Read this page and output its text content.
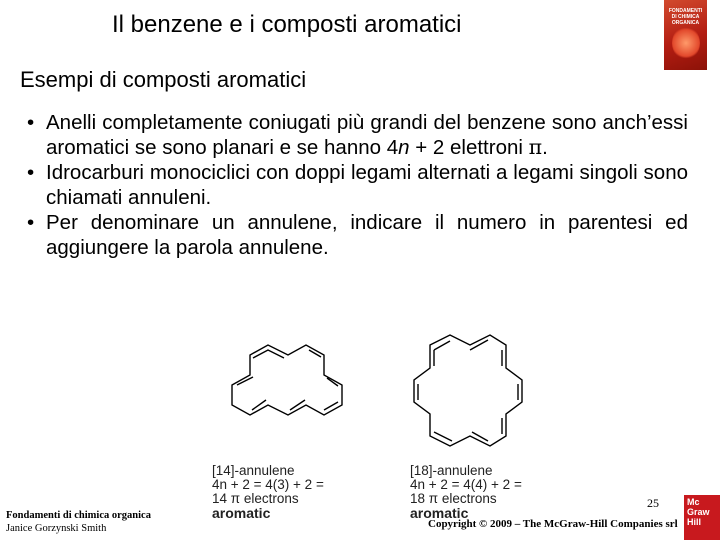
Il benzene e i composti aromatici	FONDAMENTI DI CHIMICA ORGANICA
Esempi di composti aromatici
• Anelli completamente coniugati più grandi del benzene sono anch’essi aromatici se sono planari e se hanno 4n + 2 elettroni π.
• Idrocarburi monociclici con doppi legami alternati a legami singoli sono chiamati annuleni.
• Per denominare un annulene, indicare il numero in parentesi ed aggiungere la parola annulene.
[14]-annulene
4n + 2 = 4(3) + 2 =
14 π electrons
aromatic
[18]-annulene
4n + 2 = 4(4) + 2 =
18 π electrons
aromatic
Fondamenti di chimica organica
Janice Gorzynski Smith
25
Copyright © 2009 – The McGraw-Hill Companies srl
Mc Graw Hill
